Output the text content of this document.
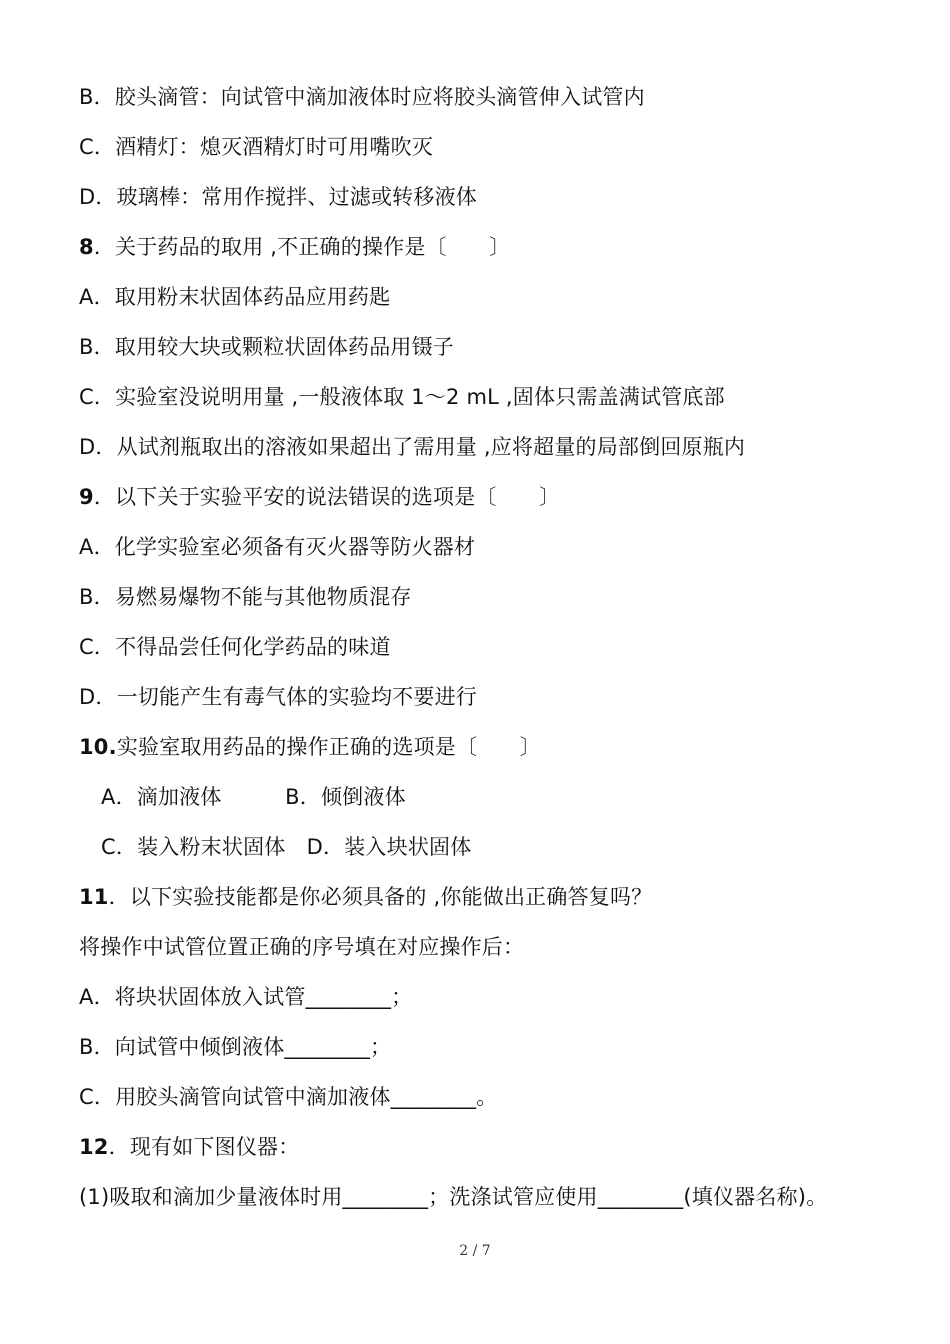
B．胶头滴管：向试管中滴加液体时应将胶头滴管伸入试管内
C．酒精灯：熄灭酒精灯时可用嘴吹灭
D．玻璃棒：常用作搅拌、过滤或转移液体
8．关于药品的取用 ,不正确的操作是〔　　〕
A．取用粉末状固体药品应用药匙
B．取用较大块或颗粒状固体药品用镊子
C．实验室没说明用量 ,一般液体取 1～2 mL ,固体只需盖满试管底部
D．从试剂瓶取出的溶液如果超出了需用量 ,应将超量的局部倒回原瓶内
9．以下关于实验平安的说法错误的选项是〔　　〕
A．化学实验室必须备有灭火器等防火器材
B．易燃易爆物不能与其他物质混存
C．不得品尝任何化学药品的味道
D．一切能产生有毒气体的实验均不要进行
10.实验室取用药品的操作正确的选项是〔　　〕
A．滴加液体　　　B．倾倒液体
C．装入粉末状固体　D．装入块状固体
11．以下实验技能都是你必须具备的 ,你能做出正确答复吗？
将操作中试管位置正确的序号填在对应操作后：
A．将块状固体放入试管________；
B．向试管中倾倒液体________；
C．用胶头滴管向试管中滴加液体________。
12．现有如下图仪器：
(1)吸取和滴加少量液体时用________；洗涤试管应使用________(填仪器名称)。
2 / 7
